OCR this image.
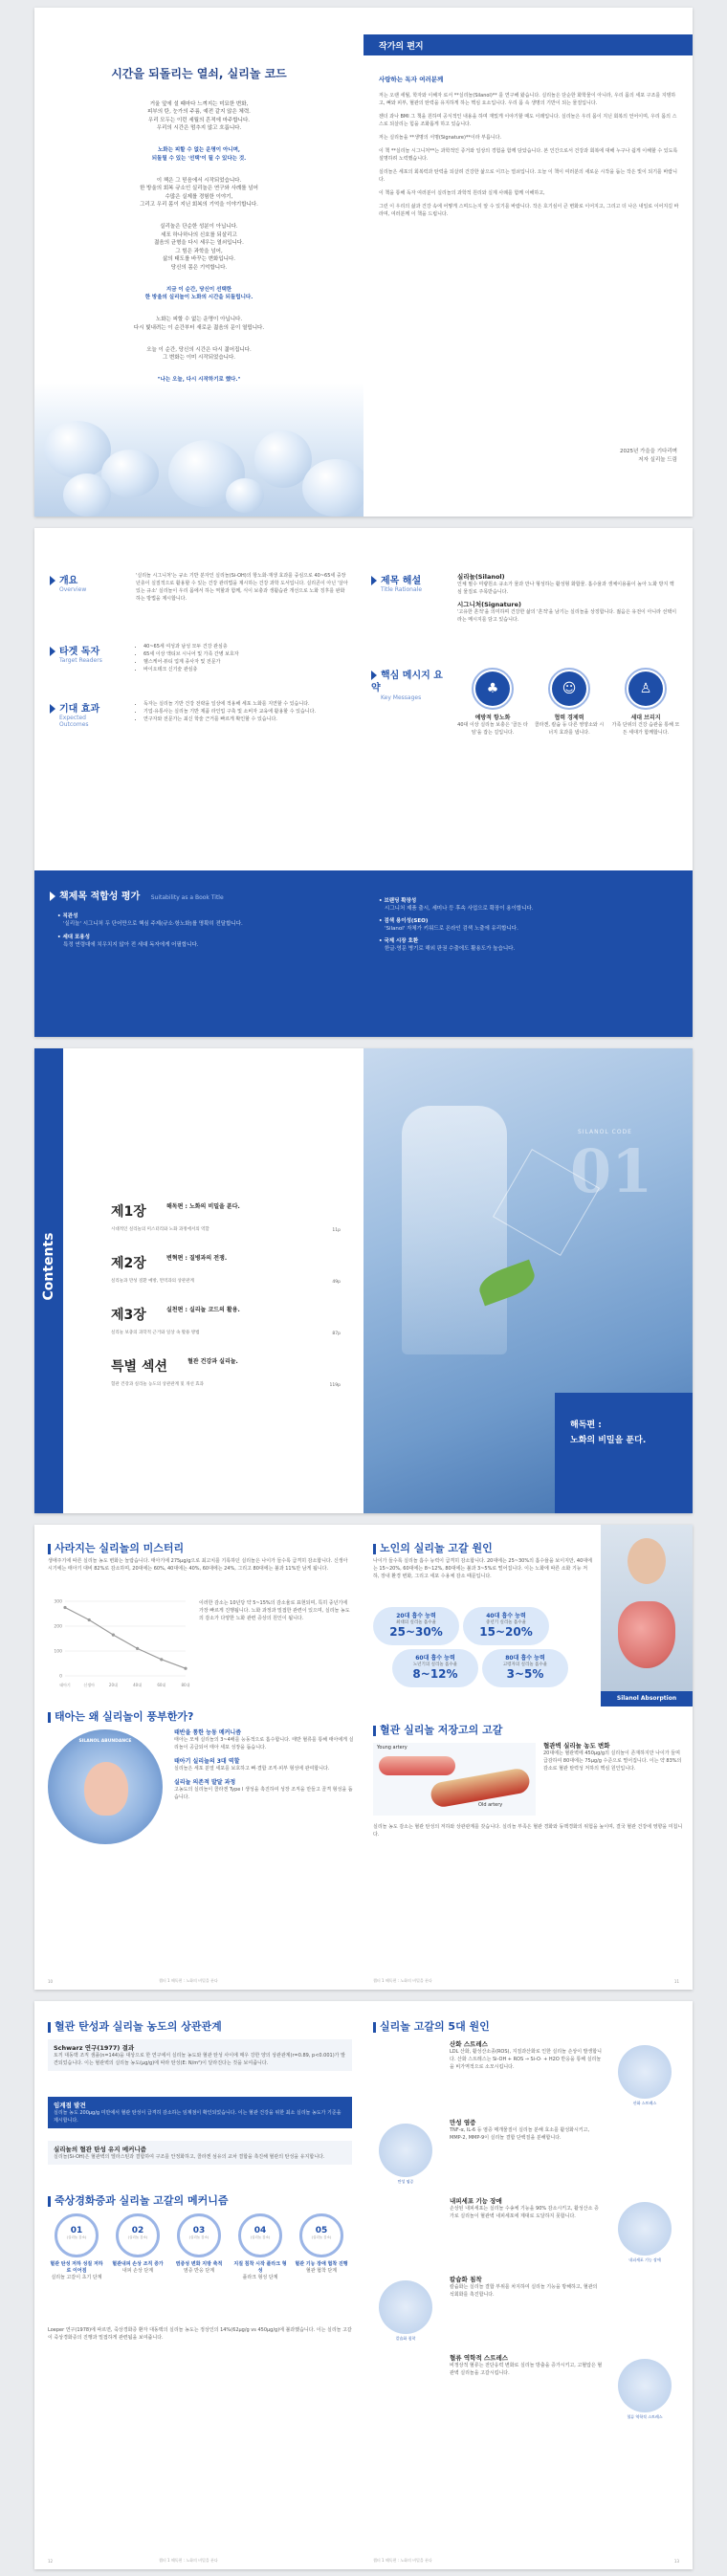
시간을 되돌리는 열쇠, 실리놀 코드

거울 앞에 설 때마다 느껴지는 미묘한 변화,
피부의 탄, 눈가의 주름, 예전 같지 않은 체력.
우리 모두는 이런 세월의 흔적에 마주합니다.
우리의 시간은 멈추지 않고 흐릅니다.

노화는 피할 수 없는 운명이 아니며,
되돌릴 수 있는 '선택'이 될 수 있다는 것.

이 책은 그 믿음에서 시작되었습니다.
한 방울의 회복 규소인 실리놀은 연구와 사례를 넘어
수많은 실제를 경험한 이야기,
그리고 우리 몸이 지닌 회복의 기억을 이야기합니다.

실리놀은 단순한 성분이 아닙니다.
세포 하나하나의 신호를 되살리고
젊음의 균형을 다시 세우는 열쇠입니다.
그 힘은 과학을 넘어,
삶의 태도를 바꾸는 변화입니다.
당신의 몸은 기억합니다.

지금 이 순간, 당신이 선택한
한 방울의 실리놀이 노화의 시간을 되돌립니다.

노화는 피할 수 없는 운명이 아닙니다.
다시 빛내려는 이 순간부터 새로운 젊음의 문이 열립니다.

오늘 이 순간, 당신의 시간은 다시 젊어집니다.
그 변화는 이미 시작되었습니다.

"나는 오늘, 다시 시작하기로 했다."

작가의 편지
사랑하는 독자 여러분께

저는 오랜 세월, 학자와 이해자 로서 **실리놀(Silanol)** 를 연구해 왔습니다. 실리놀은 단순한 화학물이 아니라, 우리 몸의 세포 구조를 지탱하고, 뼈와 피부, 혈관의 탄력을 유지하게 하는 핵심 요소입니다. 우리 몸 속 생명의 기반이 되는 물질입니다.

젠더 과나 BMI 그 책을 원하며 공식적인 내용을 하며 재밌게 이야기할 때도 이래입니다. 실리놀은 우리 몸이 지닌 회복의 언어이며, 우리 몸의 스스로 되살리는 힘을 조화롭게 하고 있습니다.

저는 실리놀을 **생명의 서명(Signature)**이라 부릅니다.

이 책 **실리놀 시그니처**는 과학적인 증거와 일상의 경험을 함께 담았습니다. 본 인간으로서 건강과 회복에 대해 누구나 쉽게 이해할 수 있도록 설명하려 노력했습니다.

실리놀은 세포의 회복력과 탄력을 되살려 건강한 삶으로 이끄는 열쇠입니다. 오늘 이 책이 여러분의 새로운 시작을 돕는 작은 빛이 되기를 바랍니다.

이 책을 통해 독자 여러분이 실리놀의 과학적 원리와 실제 사례를 함께 이해하고,

그런 이 우리의 삶과 건강 속에 어떻게 스며드는지 알 수 있기를 바랍니다. 작은 호기심이 큰 변화로 이어지고, 그리고 더 나은 내일로 이어지길 바라며, 여러분께 이 책을 드립니다.

2025년 가을을 기다리며
저자 실리놀 드림
개요
Overview
'실리놀 시그니처'는 규소 기반 분자인 실리놀(Si-OH)의 항노화·재생 효과를 중심으로 40~65세 중장년층이 실질적으로 활용할 수 있는 건강 관리법을 제시하는 건강 과학 도서입니다. 실리콘이 아닌 '살아있는 규소' 실리놀이 우리 몸에서 하는 역할과 함께, 식이 보충과 생활습관 개선으로 노화 징후를 완화하는 방법을 제시합니다.
타겟 독자
Target Readers
• 40~65세 여성과 남성 모두 건강 관심층
• 65세 이상 액티브 시니어 및 가족 간병 보호자
• 헬스케어·뷰티 업계 종사자 및 전문가
• 바이오테크 신기술 관심층
기대 효과
Expected Outcomes
• 독자는 실리놀 기반 건강 전략을 일상에 적용해 세포 노화를 지연할 수 있습니다.
• 기업·유통사는 실리놀 기반 제품 라인업 구축 및 소비자 교육에 활용할 수 있습니다.
• 연구자와 전문가는 최신 학술 근거를 빠르게 확인할 수 있습니다.
제목 해설
Title Rationale
실리놀(Silanol)
인체 필수 미량원소 규소가 물과 만나 형성하는 활성형 화합물. 흡수율과 생체이용률이 높아 노화 방지 핵심 물질로 주목받습니다.
시그니처(Signature)
'고유한 흔적'을 의미하며 건강한 삶의 '흔적'을 남기는 실리놀을 상징합니다. 젊음은 유전이 아니라 선택이라는 메시지를 담고 있습니다.
핵심 메시지 요약
Key Messages
♣
예방적 항노화
40대 이상 실리놀 보충은 '골든 타임'을 잡는 길입니다.
☺
협력 경제력
콜라겐, 칼슘 등 다른 영양소와 시너지 효과를 냅니다.
♙
세대 브리지
가족 단위의 건강 습관을 통해 모든 세대가 함께합니다.
책제목 적합성 평가 Suitability as a Book Title
• 직관성
'실리놀' 시그니처 두 단어만으로 핵심 주제(규소·항노화)를 명확히 전달합니다.
• 세대 포용성
특정 연령대에 치우치지 않아 전 세대 독자에게 어필합니다.
• 브랜딩 확장성
시그니처 제품 출시, 세미나 등 후속 사업으로 확장이 용이합니다.
• 검색 용이성(SEO)
'Silanol' 자체가 키워드로 온라인 검색 노출에 유리합니다.
• 국제 시장 호환
한글·영문 병기로 해외 판권 수출에도 활용도가 높습니다.
Contents
제1장	해독편 : 노화의 비밀을 푼다.
시대적인 실리놀의 미스터리와 노화 과정에서의 역할	11p
제2장	변혁편 : 질병과의 전쟁.
실리놀과 만성 질환 예방, 면역과의 상관관계	49p
제3장	실천편 : 실리놀 코드의 활용.
실리놀 보충의 과학적 근거와 일상 속 활용 방법	87p
특별 섹션	혈관 건강과 실리놀.
혈관 건강과 실리놀 농도의 상관관계 및 개선 효과	119p
SILANOL CODE
01
해독편 :
노화의 비밀을 푼다.
사라지는 실리놀의 미스터리
생애주기에 따른 실리놀 농도 변화는 놀랍습니다. 태아기에 275μg/g으로 최고치를 기록하던 실리놀은 나이가 들수록 급격히 감소합니다. 신생아 시기에는 태아기 대비 82%로 감소하며, 20대에는 60%, 40대에는 40%, 60대에는 24%, 그리고 80대에는 불과 11%만 남게 됩니다.
300
200
100
0
태아기	신생아	20대	40대	60대	80대
이러한 감소는 10년당 약 5~15%의 감소율로 표현되며, 특히 중년기에 가장 빠르게 진행됩니다. 노화 과정과 밀접한 관련이 있으며, 실리놀 농도의 감소가 다양한 노화 관련 증상의 원인이 됩니다.
태아는 왜 실리놀이 풍부한가?
SILANOL ABUNDANCE
태반을 통한 능동 메커니즘
태아는 모체 실리놀의 3~4배를 능동적으로 흡수합니다. 태반 혈류를 통해 태아에게 실리놀이 공급되어 태아 세포 성장을 돕습니다.
태아기 실리놀의 3대 역할
실리놀은 세포 분열 세포를 보호하고 뼈·결합 조직·피부 형성에 관여합니다.
실리놀 의존적 발달 과정
고농도의 실리놀이 콜라겐 Type I 생성을 촉진하여 성장 조직을 만들고 골격 형성을 돕습니다.
10	챕터 1 해독편 : 노화의 비밀을 푼다
노인의 실리놀 고갈 원인
나이가 들수록 실리놀 흡수 능력이 급격히 감소합니다. 20대에는 25~30%의 흡수율을 보이지만, 40대에는 15~20%, 60대에는 8~12%, 80대에는 불과 3~5%로 떨어집니다. 이는 노화에 따른 소화 기능 저하, 장내 환경 변화, 그리고 세포 수용체 감소 때문입니다.
20대 흡수 능력
최대의 실리놀 흡수율
25~30%
40대 흡수 능력
중년기 실리놀 흡수율
15~20%
60대 흡수 능력
노년기의 실리놀 흡수율
8~12%
80대 흡수 능력
고령자의 실리놀 흡수율
3~5%
Silanol Absorption
혈관 실리놀 저장고의 고갈
Young artery
Old artery
혈관벽 실리놀 농도 변화
20대에는 혈관벽에 450μg/g의 실리놀이 존재하지만 나이가 들며 급감하여 80대에는 75μg/g 수준으로 떨어집니다. 이는 약 83%의 감소로 혈관 탄력성 저하의 핵심 원인입니다.
실리놀 농도 감소는 혈관 탄성의 저하와 상관관계를 갖습니다. 실리놀 부족은 혈관 경화와 동맥경화의 위험을 높이며, 결국 혈관 건강에 영향을 미칩니다.
챕터 1 해독편 : 노화의 비밀을 푼다	11
혈관 탄성과 실리놀 농도의 상관관계
Schwarz 연구(1977) 결과
토끼 대동맥 조직 샘플(n=144)을 대상으로 한 연구에서 실리놀 농도와 혈관 탄성 사이에 매우 강한 양의 상관관계(r=0.89, p<0.001)가 발견되었습니다. 이는 혈관벽의 실리놀 농도(μg/g)에 따라 탄성(E: N/m²)이 달라진다는 것을 보여줍니다.
임계점 발견
실리놀 농도 200μg/g 미만에서 혈관 탄성이 급격히 감소하는 임계점이 확인되었습니다. 이는 혈관 건강을 위한 최소 실리놀 농도가 기준을 제시합니다.
실리놀의 혈관 탄성 유지 메커니즘
실리놀(Si-OH)은 혈관벽의 엘라스틴과 결합하여 구조를 안정화하고, 콜라겐 섬유의 교차 결합을 촉진해 혈관의 탄성을 유지합니다.
죽상경화증과 실리놀 고갈의 메커니즘
01
(실리놀 감소)
혈관 탄성 저하 성질 저하로 이어짐
실리놀 고갈이 초기 단계
02
(실리놀 감소)
혈관내피 손상 조직 증가
내피 손상 단계
03
(실리놀 감소)
염증성 변화 지방 축적
염증 반응 단계
04
(실리놀 감소)
지질 침착 시작 플라크 형성
플라크 형성 단계
05
(실리놀 감소)
혈관 기능 장애 협착 진행
혈관 협착 단계
Loeper 연구(1978)에 따르면, 죽상경화증 환자 대동맥의 실리놀 농도는 정상인의 14%(62μg/g vs 450μg/g)에 불과했습니다. 이는 실리놀 고갈이 죽상경화증의 진행과 밀접하게 관련됨을 보여줍니다.
12	챕터 1 해독편 : 노화의 비밀을 푼다
실리놀 고갈의 5대 원인
산화 스트레스
LDL 산화, 활성산소종(ROS), 지질과산화로 인한 실리놀 손상이 발생합니다. 산화 스트레스는 Si-OH + ROS → Si-O· + H2O 반응을 통해 실리놀을 비가역적으로 소모시킵니다.
산화 스트레스
만성 염증
TNF-α, IL-6 등 염증 매개물질이 실리놀 분해 효소를 활성화시키고, MMP-2, MMP-9이 실리놀 결합 단백질을 분해합니다.
만성 염증
내피세포 기능 장애
손상된 내피세포는 실리놀 수송체 기능을 90% 감소시키고, 활성산소 증가로 실리놀이 혈관벽 내피세포에 제대로 도달하지 못합니다.
내피세포 기능 장애
칼슘화 침착
칼슘화는 실리놀 결합 부위를 차지하여 실리놀 기능을 방해하고, 혈관의 석회화를 촉진합니다.
칼슘화 침착
혈류 역학적 스트레스
비정상적 혈류는 전단응력 변화로 실리놀 방출을 증가시키고, 고혈압은 혈관벽 실리놀을 고갈시킵니다.
혈류 역학적 스트레스
챕터 1 해독편 : 노화의 비밀을 푼다	13
